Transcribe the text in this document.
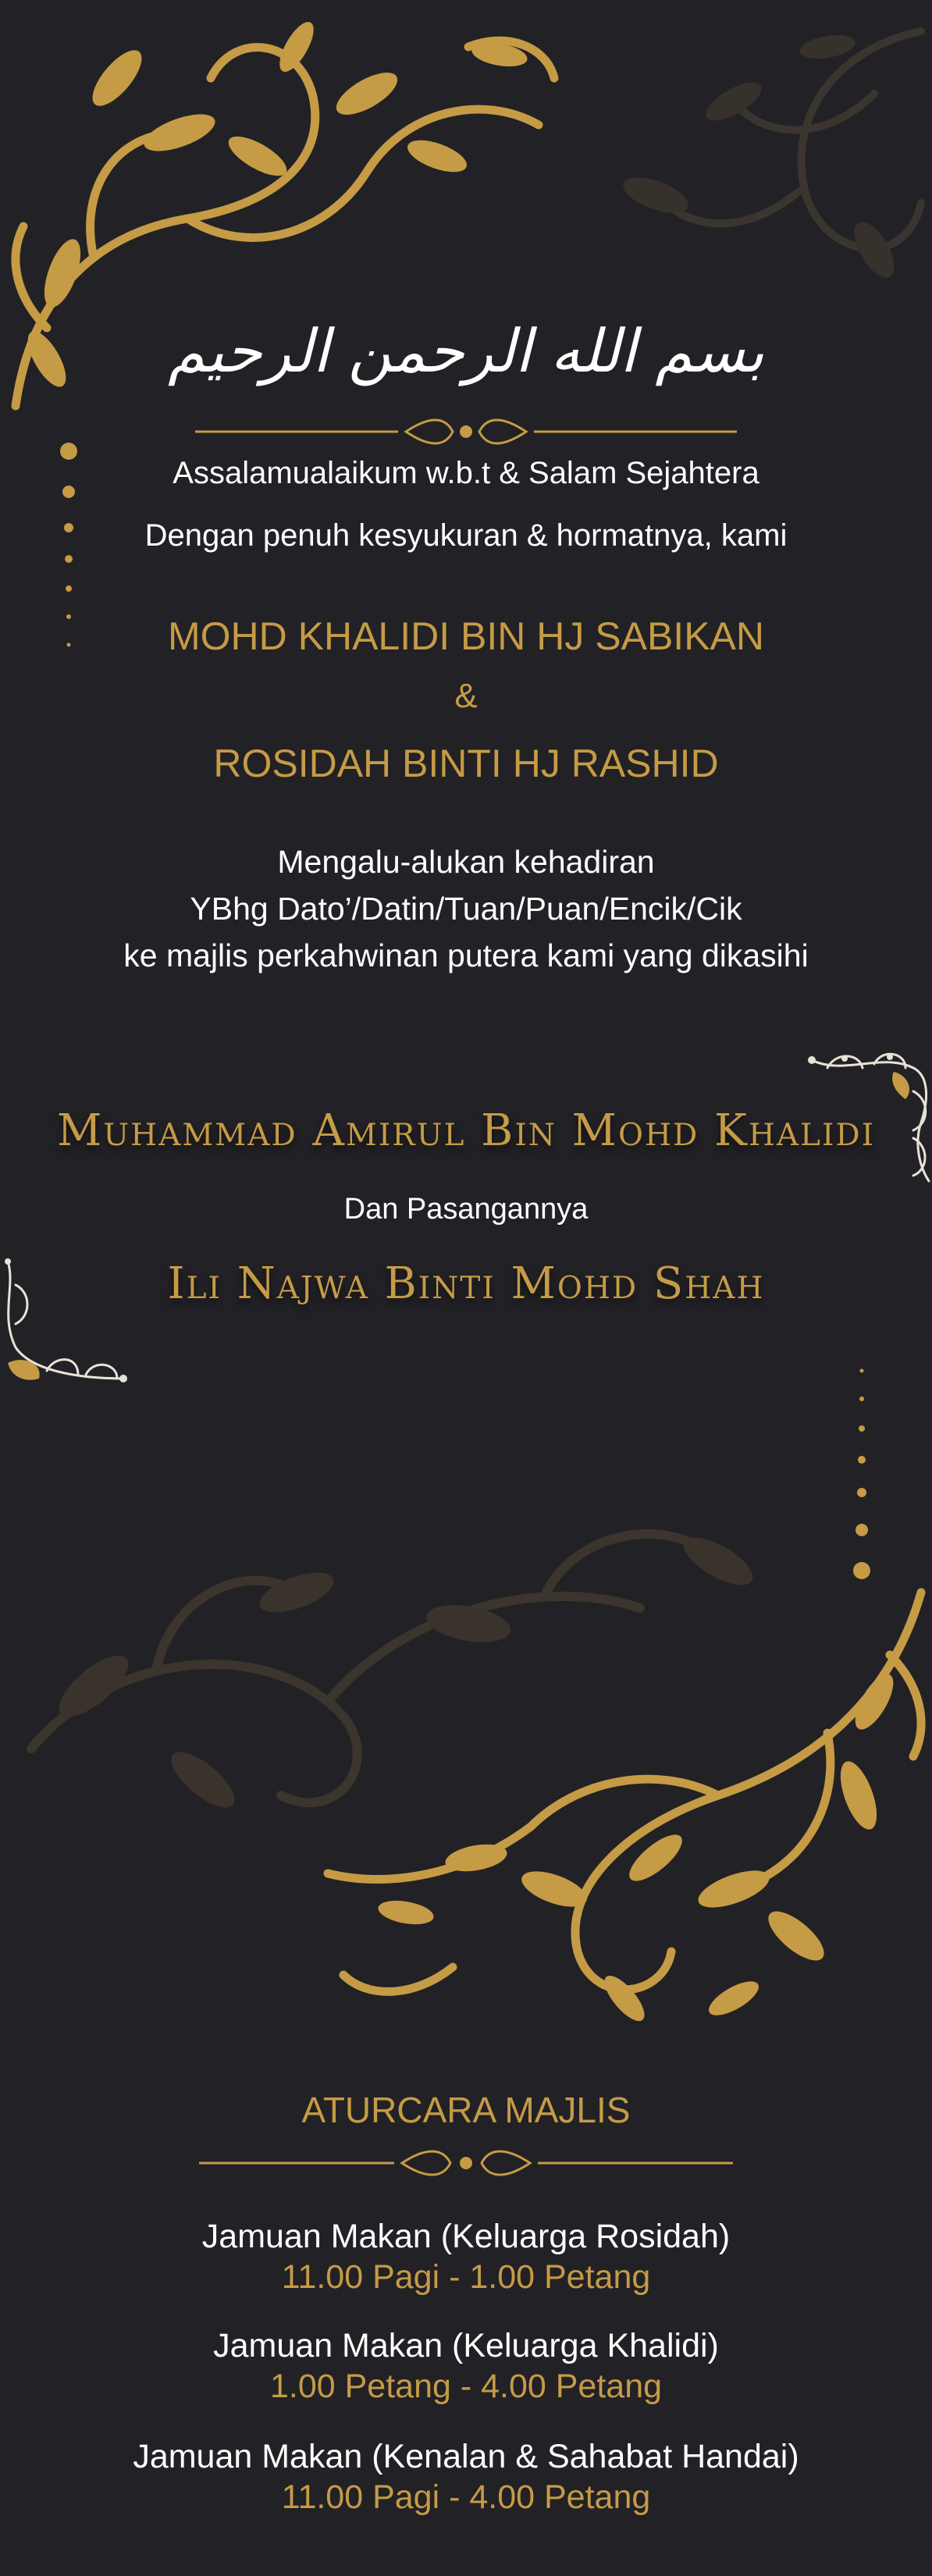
بسم الله الرحمن الرحيم
Assalamualaikum w.b.t & Salam Sejahtera
Dengan penuh kesyukuran & hormatnya, kami
MOHD KHALIDI BIN HJ SABIKAN
&
ROSIDAH BINTI HJ RASHID
Mengalu-alukan kehadiran
YBhg Dato’/Datin/Tuan/Puan/Encik/Cik
ke majlis perkahwinan putera kami yang dikasihi
Muhammad Amirul Bin Mohd Khalidi
Dan Pasangannya
Ili Najwa Binti Mohd Shah
ATURCARA MAJLIS
Jamuan Makan (Keluarga Rosidah)
11.00 Pagi - 1.00 Petang
Jamuan Makan (Keluarga Khalidi)
1.00 Petang - 4.00 Petang
Jamuan Makan (Kenalan & Sahabat Handai)
11.00 Pagi - 4.00 Petang
